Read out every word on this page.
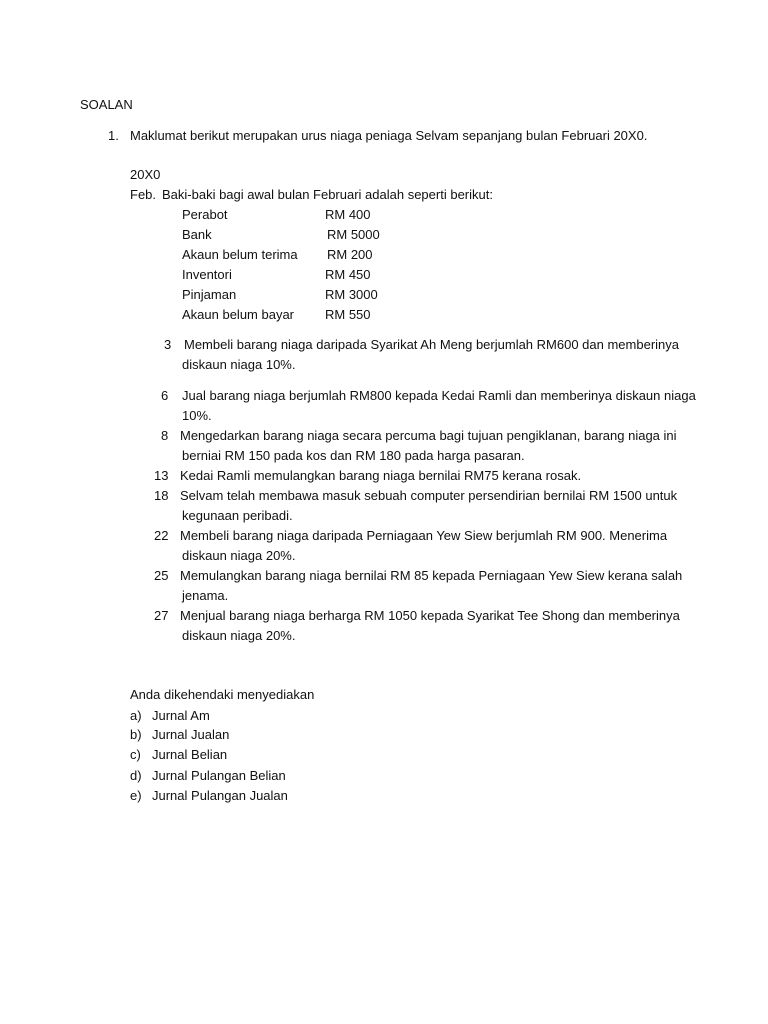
SOALAN
1. Maklumat berikut merupakan urus niaga peniaga Selvam sepanjang bulan Februari 20X0.
20X0
Feb. Baki-baki bagi awal bulan Februari adalah seperti berikut:
Perabot	RM 400
Bank	RM 5000
Akaun belum terima RM 200
Inventori	RM 450
Pinjaman	RM 3000
Akaun belum bayar RM 550
3 Membeli barang niaga daripada Syarikat Ah Meng berjumlah RM600 dan memberinya
diskaun niaga 10%.
6 Jual barang niaga berjumlah RM800 kepada Kedai Ramli dan memberinya diskaun niaga
10%.
8 Mengedarkan barang niaga secara percuma bagi tujuan pengiklanan, barang niaga ini
berniai RM 150 pada kos dan RM 180 pada harga pasaran.
13 Kedai Ramli memulangkan barang niaga bernilai RM75 kerana rosak.
18 Selvam telah membawa masuk sebuah computer persendirian bernilai RM 1500 untuk
kegunaan peribadi.
22 Membeli barang niaga daripada Perniagaan Yew Siew berjumlah RM 900. Menerima
diskaun niaga 20%.
25 Memulangkan barang niaga bernilai RM 85 kepada Perniagaan Yew Siew kerana salah
jenama.
27 Menjual barang niaga berharga RM 1050 kepada Syarikat Tee Shong dan memberinya
diskaun niaga 20%.
Anda dikehendaki menyediakan
a) Jurnal Am
b) Jurnal Jualan
c) Jurnal Belian
d) Jurnal Pulangan Belian
e) Jurnal Pulangan Jualan
